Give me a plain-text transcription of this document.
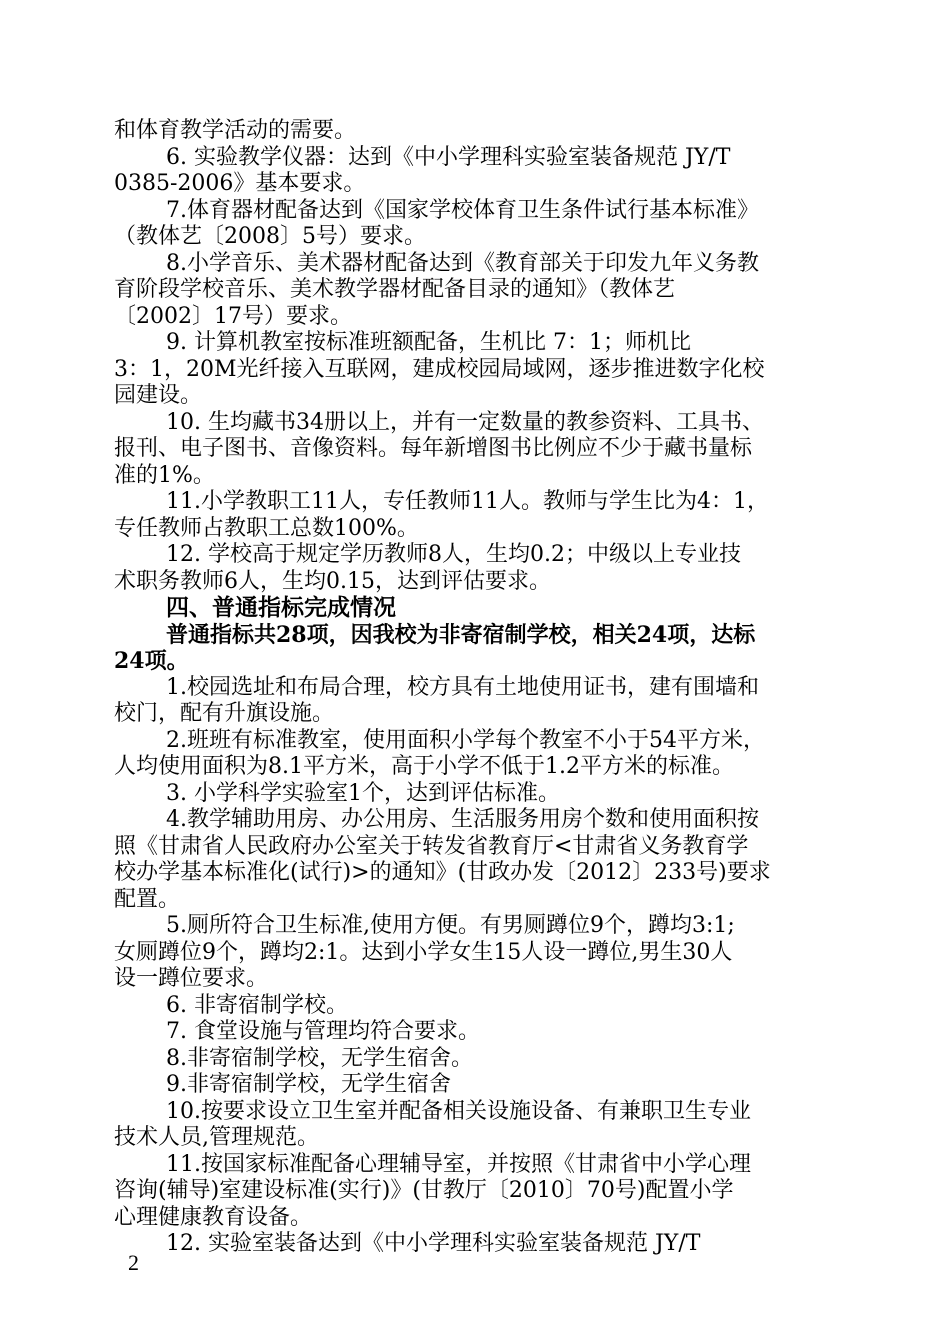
和体育教学活动的需要。
6. 实验教学仪器：达到《中小学理科实验室装备规范 JY/T
0385-2006》基本要求。
7.体育器材配备达到《国家学校体育卫生条件试行基本标准》
（教体艺〔2008〕5号）要求。
8.小学音乐、美术器材配备达到《教育部关于印发九年义务教
育阶段学校音乐、美术教学器材配备目录的通知》（教体艺
〔2002〕17号）要求。
9. 计算机教室按标准班额配备，生机比 7：1；师机比
3：1，20M光纤接入互联网，建成校园局域网，逐步推进数字化校
园建设。
10. 生均藏书34册以上，并有一定数量的教参资料、工具书、
报刊、电子图书、音像资料。每年新增图书比例应不少于藏书量标
准的1%。
11.小学教职工11人，专任教师11人。教师与学生比为4：1，
专任教师占教职工总数100%。
12. 学校高于规定学历教师8人，生均0.2；中级以上专业技
术职务教师6人，生均0.15，达到评估要求。
四、普通指标完成情况
普通指标共28项，因我校为非寄宿制学校，相关24项，达标
24项。
1.校园选址和布局合理，校方具有土地使用证书，建有围墙和
校门，配有升旗设施。
2.班班有标准教室，使用面积小学每个教室不小于54平方米，
人均使用面积为8.1平方米，高于小学不低于1.2平方米的标准。
3. 小学科学实验室1个，达到评估标准。
4.教学辅助用房、办公用房、生活服务用房个数和使用面积按
照《甘肃省人民政府办公室关于转发省教育厅<甘肃省义务教育学
校办学基本标准化(试行)>的通知》(甘政办发〔2012〕233号)要求
配置。
5.厕所符合卫生标准,使用方便。有男厕蹲位9个，蹲均3:1;
女厕蹲位9个，蹲均2:1。达到小学女生15人设一蹲位,男生30人
设一蹲位要求。
6. 非寄宿制学校。
7. 食堂设施与管理均符合要求。
8.非寄宿制学校，无学生宿舍。
9.非寄宿制学校，无学生宿舍
10.按要求设立卫生室并配备相关设施设备、有兼职卫生专业
技术人员,管理规范。
11.按国家标准配备心理辅导室，并按照《甘肃省中小学心理
咨询(辅导)室建设标准(实行)》(甘教厅〔2010〕70号)配置小学
心理健康教育设备。
12. 实验室装备达到《中小学理科实验室装备规范 JY/T
2
